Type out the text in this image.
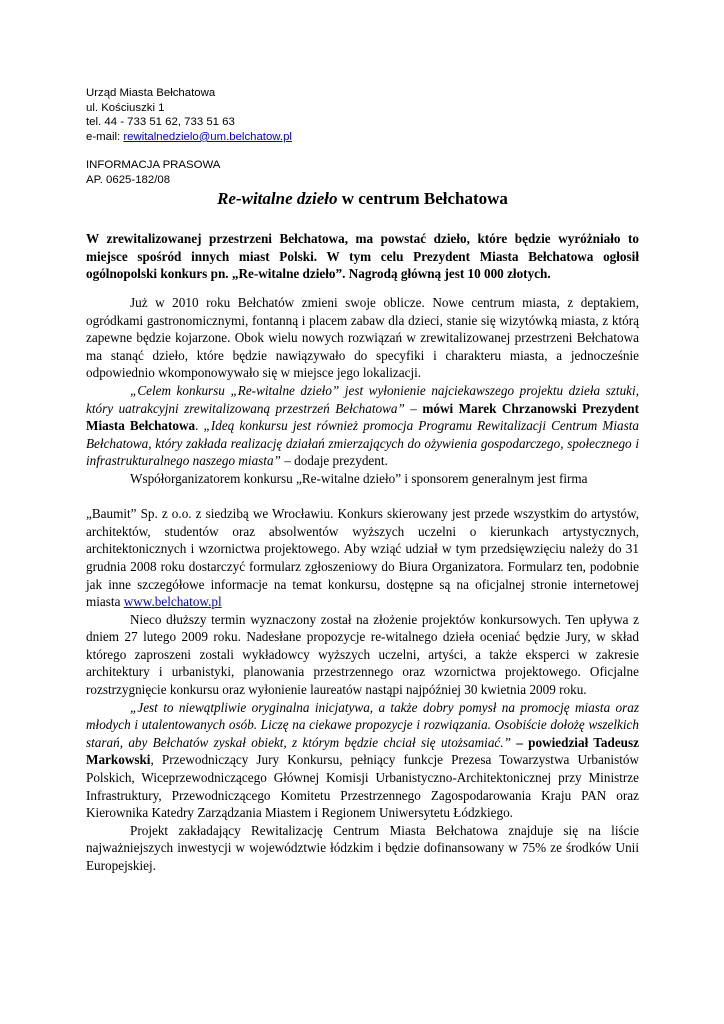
Urząd Miasta Bełchatowa
ul. Kościuszki 1
tel. 44 - 733 51 62, 733 51 63
e-mail: rewitalnedzielo@um.belchatow.pl
INFORMACJA PRASOWA
AP. 0625-182/08
Re-witalne dzieło w centrum Bełchatowa
W zrewitalizowanej przestrzeni Bełchatowa, ma powstać dzieło, które będzie wyróżniało to miejsce spośród innych miast Polski. W tym celu Prezydent Miasta Bełchatowa ogłosił ogólnopolski konkurs pn. „Re-witalne dzieło”. Nagrodą główną jest 10 000 złotych.

Już w 2010 roku Bełchatów zmieni swoje oblicze. Nowe centrum miasta, z deptakiem, ogródkami gastronomicznymi, fontanną i placem zabaw dla dzieci, stanie się wizytówką miasta, z którą zapewne będzie kojarzone. Obok wielu nowych rozwiązań w zrewitalizowanej przestrzeni Bełchatowa ma stanąć dzieło, które będzie nawiązywało do specyfiki i charakteru miasta, a jednocześnie odpowiednio wkomponowywało się w miejsce jego lokalizacji.

„Celem konkursu „Re-witalne dzieło” jest wyłonienie najciekawszego projektu dzieła sztuki, który uatrakcyjni zrewitalizowaną przestrzeń Bełchatowa” – mówi Marek Chrzanowski Prezydent Miasta Bełchatowa. „Ideą konkursu jest również promocja Programu Rewitalizacji Centrum Miasta Bełchatowa, który zakłada realizację działań zmierzających do ożywienia gospodarczego, społecznego i infrastrukturalnego naszego miasta” – dodaje prezydent.

Współorganizatorem konkursu „Re-witalne dzieło” i sponsorem generalnym jest firma

„Baumit” Sp. z o.o. z siedzibą we Wrocławiu. Konkurs skierowany jest przede wszystkim do artystów, architektów, studentów oraz absolwentów wyższych uczelni o kierunkach artystycznych, architektonicznych i wzornictwa projektowego. Aby wziąć udział w tym przedsięwzięciu należy do 31 grudnia 2008 roku dostarczyć formularz zgłoszeniowy do Biura Organizatora. Formularz ten, podobnie jak inne szczegółowe informacje na temat konkursu, dostępne są na oficjalnej stronie internetowej miasta www.belchatow.pl

Nieco dłuższy termin wyznaczony został na złożenie projektów konkursowych. Ten upływa z dniem 27 lutego 2009 roku. Nadesłane propozycje re-witalnego dzieła oceniać będzie Jury, w skład którego zaproszeni zostali wykładowcy wyższych uczelni, artyści, a także eksperci w zakresie architektury i urbanistyki, planowania przestrzennego oraz wzornictwa projektowego. Oficjalne rozstrzygnięcie konkursu oraz wyłonienie laureatów nastąpi najpóźniej 30 kwietnia 2009 roku.

„Jest to niewątpliwie oryginalna inicjatywa, a także dobry pomysł na promocję miasta oraz młodych i utalentowanych osób. Liczę na ciekawe propozycje i rozwiązania. Osobiście dołożę wszelkich starań, aby Bełchatów zyskał obiekt, z którym będzie chciał się utożsamiać.” – powiedział Tadeusz Markowski, Przewodniczący Jury Konkursu, pełniący funkcje Prezesa Towarzystwa Urbanistów Polskich, Wiceprzewodniczącego Głównej Komisji Urbanistyczno-Architektonicznej przy Ministrze Infrastruktury, Przewodniczącego Komitetu Przestrzennego Zagospodarowania Kraju PAN oraz Kierownika Katedry Zarządzania Miastem i Regionem Uniwersytetu Łódzkiego.

Projekt zakładający Rewitalizację Centrum Miasta Bełchatowa znajduje się na liście najważniejszych inwestycji w województwie łódzkim i będzie dofinansowany w 75% ze środków Unii Europejskiej.
